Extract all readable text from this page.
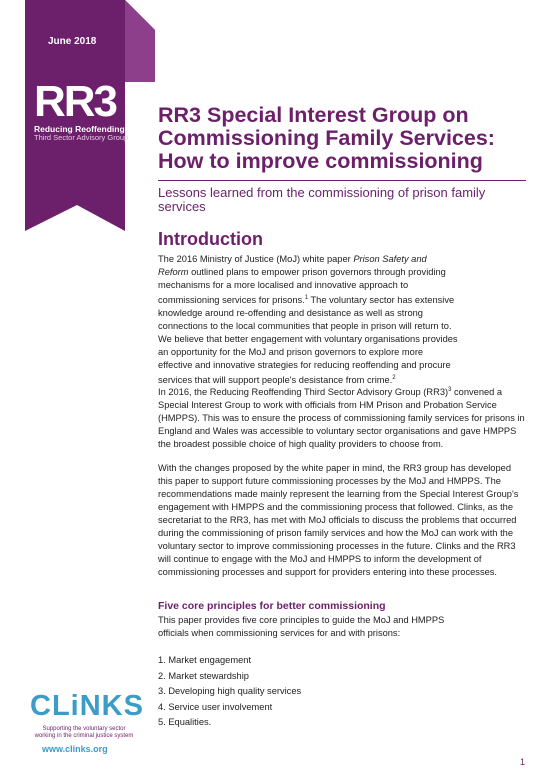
June 2018
RR3
Reducing Reoffending
Third Sector Advisory Group
RR3 Special Interest Group on Commissioning Family Services: How to improve commissioning
Lessons learned from the commissioning of prison family services
Introduction

The 2016 Ministry of Justice (MoJ) white paper Prison Safety and Reform outlined plans to empower prison governors through providing mechanisms for a more localised and innovative approach to commissioning services for prisons.$^1$ The voluntary sector has extensive knowledge around re-offending and desistance as well as strong connections to the local communities that people in prison will return to. We believe that better engagement with voluntary organisations provides an opportunity for the MoJ and prison governors to explore more effective and innovative strategies for reducing reoffending and procure services that will support people's desistance from crime.$^2$

In 2016, the Reducing Reoffending Third Sector Advisory Group $(RR3)^3$ convened a Special Interest Group to work with officials from HM Prison and Probation Service (HMPPS). This was to ensure the process of commissioning family services for prisons in England and Wales was accessible to voluntary sector organisations and gave HMPPS the broadest possible choice of high quality providers to choose from.

With the changes proposed by the white paper in mind, the RR3 group has developed this paper to support future commissioning processes by the MoJ and HMPPS. The recommendations made mainly represent the learning from the Special Interest Group's engagement with HMPPS and the commissioning process that followed. Clinks, as the secretariat to the RR3, has met with MoJ officials to discuss the problems that occurred during the commissioning of prison family services and how the MoJ can work with the voluntary sector to improve commissioning processes in the future. Clinks and the RR3 will continue to engage with the MoJ and HMPPS to inform the development of commissioning processes and support for providers entering into these processes.

Five core principles for better commissioning

This paper provides five core principles to guide the MoJ and HMPPS officials when commissioning services for and with prisons:

1. Market engagement
2. Market stewardship
3. Developing high quality services
4. Service user involvement
5. Equalities.
CLiNKS
Supporting the voluntary sector working in the criminal justice system
www.clinks.org
1
